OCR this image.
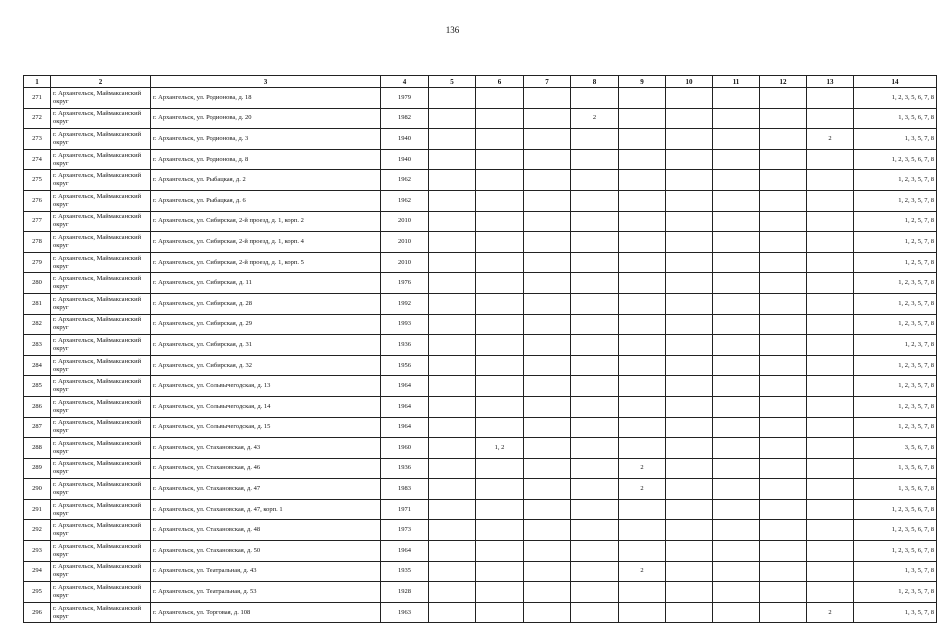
136
1	2	3	4	5	6	7	8	9	10	11	12	13	14
271	г. Архангельск, Маймаксанский округ	г. Архангельск, ул. Родионова, д. 18	1979										1, 2, 3, 5, 6, 7, 8
272	г. Архангельск, Маймаксанский округ	г. Архангельск, ул. Родионова, д. 20	1982				2						1, 3, 5, 6, 7, 8
273	г. Архангельск, Маймаксанский округ	г. Архангельск, ул. Родионова, д. 3	1940									2	1, 3, 5, 7, 8
274	г. Архангельск, Маймаксанский округ	г. Архангельск, ул. Родионова, д. 8	1940										1, 2, 3, 5, 6, 7, 8
275	г. Архангельск, Маймаксанский округ	г. Архангельск, ул. Рыбацкая, д. 2	1962										1, 2, 3, 5, 7, 8
276	г. Архангельск, Маймаксанский округ	г. Архангельск, ул. Рыбацкая, д. 6	1962										1, 2, 3, 5, 7, 8
277	г. Архангельск, Маймаксанский округ	г. Архангельск, ул. Сибирская, 2-й проезд, д. 1, корп. 2	2010										1, 2, 5, 7, 8
278	г. Архангельск, Маймаксанский округ	г. Архангельск, ул. Сибирская, 2-й проезд, д. 1, корп. 4	2010										1, 2, 5, 7, 8
279	г. Архангельск, Маймаксанский округ	г. Архангельск, ул. Сибирская, 2-й проезд, д. 1, корп. 5	2010										1, 2, 5, 7, 8
280	г. Архангельск, Маймаксанский округ	г. Архангельск, ул. Сибирская, д. 11	1976										1, 2, 3, 5, 7, 8
281	г. Архангельск, Маймаксанский округ	г. Архангельск, ул. Сибирская, д. 28	1992										1, 2, 3, 5, 7, 8
282	г. Архангельск, Маймаксанский округ	г. Архангельск, ул. Сибирская, д. 29	1993										1, 2, 3, 5, 7, 8
283	г. Архангельск, Маймаксанский округ	г. Архангельск, ул. Сибирская, д. 31	1936										1, 2, 3, 7, 8
284	г. Архангельск, Маймаксанский округ	г. Архангельск, ул. Сибирская, д. 32	1956										1, 2, 3, 5, 7, 8
285	г. Архангельск, Маймаксанский округ	г. Архангельск, ул. Сольвычегодская, д. 13	1964										1, 2, 3, 5, 7, 8
286	г. Архангельск, Маймаксанский округ	г. Архангельск, ул. Сольвычегодская, д. 14	1964										1, 2, 3, 5, 7, 8
287	г. Архангельск, Маймаксанский округ	г. Архангельск, ул. Сольвычегодская, д. 15	1964										1, 2, 3, 5, 7, 8
288	г. Архангельск, Маймаксанский округ	г. Архангельск, ул. Стахановская, д. 43	1960		1, 2								3, 5, 6, 7, 8
289	г. Архангельск, Маймаксанский округ	г. Архангельск, ул. Стахановская, д. 46	1936					2					1, 3, 5, 6, 7, 8
290	г. Архангельск, Маймаксанский округ	г. Архангельск, ул. Стахановская, д. 47	1983					2					1, 3, 5, 6, 7, 8
291	г. Архангельск, Маймаксанский округ	г. Архангельск, ул. Стахановская, д. 47, корп. 1	1971										1, 2, 3, 5, 6, 7, 8
292	г. Архангельск, Маймаксанский округ	г. Архангельск, ул. Стахановская, д. 48	1973										1, 2, 3, 5, 6, 7, 8
293	г. Архангельск, Маймаксанский округ	г. Архангельск, ул. Стахановская, д. 50	1964										1, 2, 3, 5, 6, 7, 8
294	г. Архангельск, Маймаксанский округ	г. Архангельск, ул. Театральная, д. 43	1935					2					1, 3, 5, 7, 8
295	г. Архангельск, Маймаксанский округ	г. Архангельск, ул. Театральная, д. 53	1928										1, 2, 3, 5, 7, 8
296	г. Архангельск, Маймаксанский округ	г. Архангельск, ул. Торговая, д. 108	1963									2	1, 3, 5, 7, 8
